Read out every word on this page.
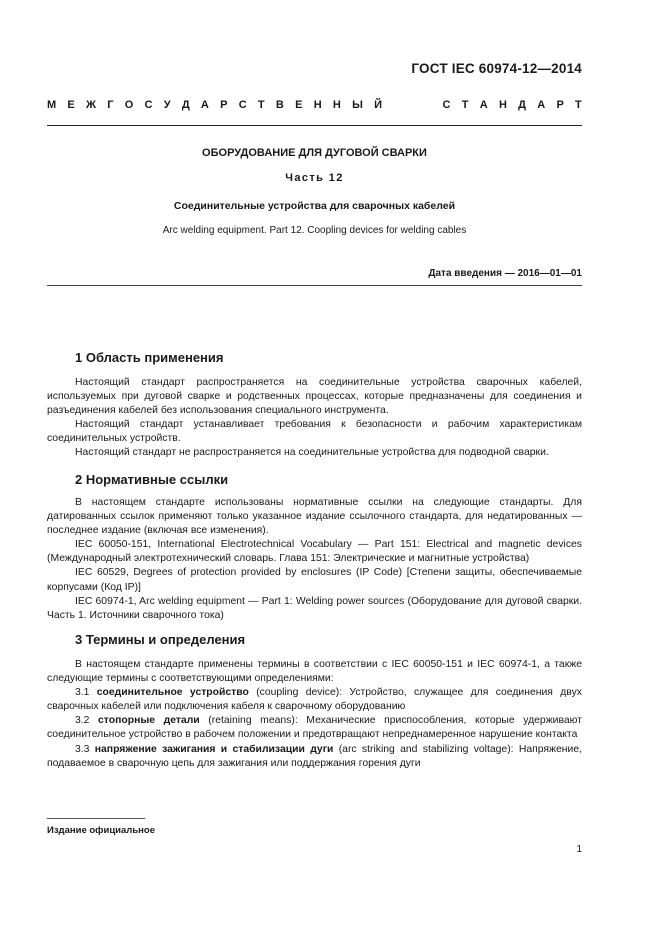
ГОСТ IEC 60974-12—2014
М Е Ж Г О С У Д А Р С Т В Е Н Н Ы Й	С Т А Н Д А Р Т
ОБОРУДОВАНИЕ ДЛЯ ДУГОВОЙ СВАРКИ
Часть 12
Соединительные устройства для сварочных кабелей
Arc welding equipment. Part 12. Coopling devices for welding cables
Дата введения — 2016—01—01
1 Область применения

Настоящий стандарт распространяется на соединительные устройства сварочных кабелей, используемых при дуговой сварке и родственных процессах, которые предназначены для соединения и разъединения кабелей без использования специального инструмента.

Настоящий стандарт устанавливает требования к безопасности и рабочим характеристикам соединительных устройств.

Настоящий стандарт не распространяется на соединительные устройства для подводной сварки.

2 Нормативные ссылки

В настоящем стандарте использованы нормативные ссылки на следующие стандарты. Для датированных ссылок применяют только указанное издание ссылочного стандарта, для недатированных — последнее издание (включая все изменения).

IEC 60050-151, International Electrotechnical Vocabulary — Part 151: Electrical and magnetic devices (Международный электротехнический словарь. Глава 151: Электрические и магнитные устройства)

IEC 60529, Degrees of protection provided by enclosures (IP Code) [Степени защиты, обеспечиваемые корпусами (Код IP)]

IEC 60974-1, Arc welding equipment — Part 1: Welding power sources (Оборудование для дуговой сварки. Часть 1. Источники сварочного тока)

3 Термины и определения

В настоящем стандарте применены термины в соответствии с IEC 60050-151 и IEC 60974-1, а также следующие термины с соответствующими определениями:

3.1 соединительное устройство (coupling device): Устройство, служащее для соединения двух сварочных кабелей или подключения кабеля к сварочному оборудованию

3.2 стопорные детали (retaining means): Механические приспособления, которые удерживают соединительное устройство в рабочем положении и предотвращают непреднамеренное нарушение контакта

3.3 напряжение зажигания и стабилизации дуги (arc striking and stabilizing voltage): Напряжение, подаваемое в сварочную цепь для зажигания или поддержания горения дуги

Издание официальное
1
